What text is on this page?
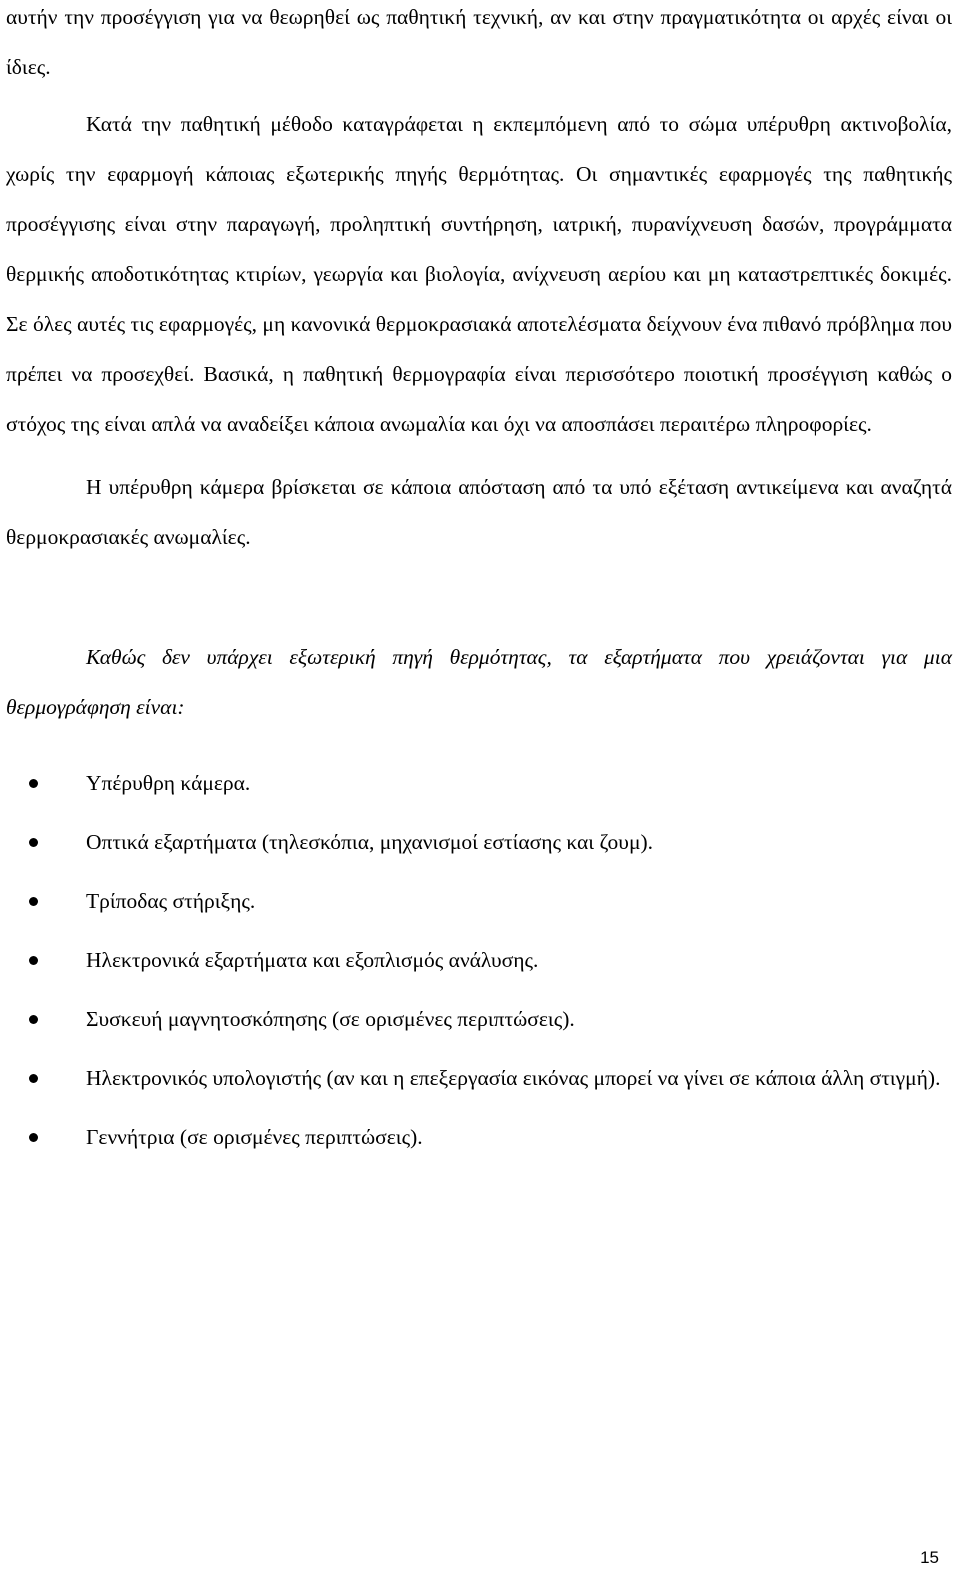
αυτήν την προσέγγιση για να θεωρηθεί ως παθητική τεχνική, αν και στην πραγματικότητα οι αρχές είναι οι ίδιες.

Κατά την παθητική μέθοδο καταγράφεται η εκπεμπόμενη από το σώμα υπέρυθρη ακτινοβολία, χωρίς την εφαρμογή κάποιας εξωτερικής πηγής θερμότητας. Οι σημαντικές εφαρμογές της παθητικής προσέγγισης είναι στην παραγωγή, προληπτική συντήρηση, ιατρική, πυρανίχνευση δασών, προγράμματα θερμικής αποδοτικότητας κτιρίων, γεωργία και βιολογία, ανίχνευση αερίου και μη καταστρεπτικές δοκιμές. Σε όλες αυτές τις εφαρμογές, μη κανονικά θερμοκρασιακά αποτελέσματα δείχνουν ένα πιθανό πρόβλημα που πρέπει να προσεχθεί. Βασικά, η παθητική θερμογραφία είναι περισσότερο ποιοτική προσέγγιση καθώς ο στόχος της είναι απλά να αναδείξει κάποια ανωμαλία και όχι να αποσπάσει περαιτέρω πληροφορίες.

Η υπέρυθρη κάμερα βρίσκεται σε κάποια απόσταση από τα υπό εξέταση αντικείμενα και αναζητά θερμοκρασιακές ανωμαλίες.

Καθώς δεν υπάρχει εξωτερική πηγή θερμότητας, τα εξαρτήματα που χρειάζονται για μια θερμογράφηση είναι:

Υπέρυθρη κάμερα.
Οπτικά εξαρτήματα (τηλεσκόπια, μηχανισμοί εστίασης και ζουμ).
Τρίποδας στήριξης.
Ηλεκτρονικά εξαρτήματα και εξοπλισμός ανάλυσης.
Συσκευή μαγνητοσκόπησης (σε ορισμένες περιπτώσεις).
Ηλεκτρονικός υπολογιστής (αν και η επεξεργασία εικόνας μπορεί να γίνει σε κάποια άλλη στιγμή).
Γεννήτρια (σε ορισμένες περιπτώσεις).
15
